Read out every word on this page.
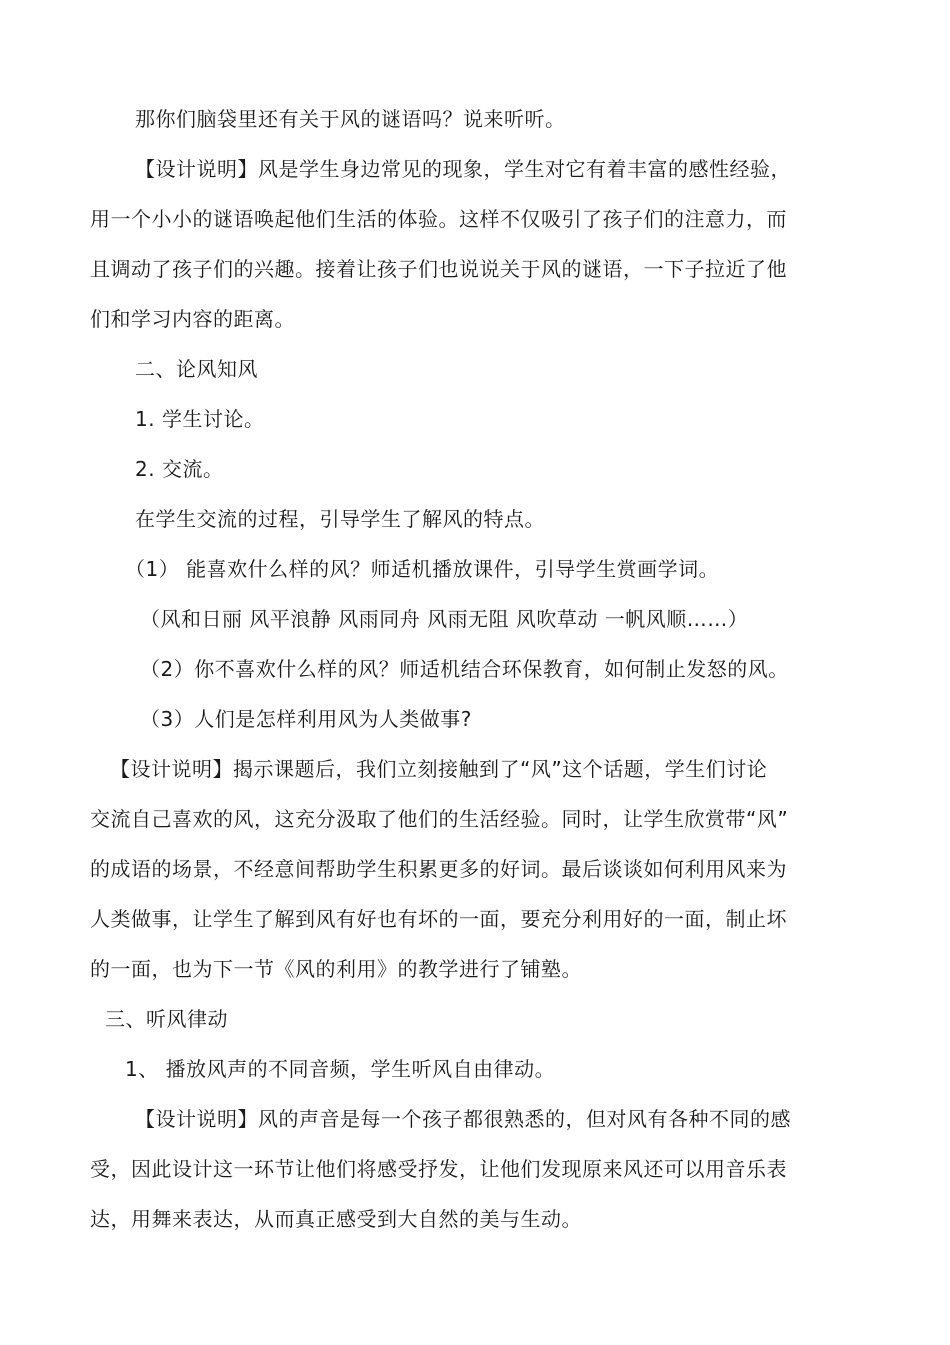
那你们脑袋里还有关于风的谜语吗？说来听听。
【设计说明】风是学生身边常见的现象，学生对它有着丰富的感性经验，
用一个小小的谜语唤起他们生活的体验。这样不仅吸引了孩子们的注意力，而
且调动了孩子们的兴趣。接着让孩子们也说说关于风的谜语，一下子拉近了他
们和学习内容的距离。
二、论风知风
1. 学生讨论。
2. 交流。
在学生交流的过程，引导学生了解风的特点。
（1） 能喜欢什么样的风？师适机播放课件，引导学生赏画学词。
（风和日丽 风平浪静 风雨同舟 风雨无阻 风吹草动 一帆风顺……）
（2）你不喜欢什么样的风？师适机结合环保教育，如何制止发怒的风。
（3）人们是怎样利用风为人类做事?
【设计说明】揭示课题后，我们立刻接触到了“风”这个话题，学生们讨论
交流自己喜欢的风，这充分汲取了他们的生活经验。同时，让学生欣赏带“风”
的成语的场景，不经意间帮助学生积累更多的好词。最后谈谈如何利用风来为
人类做事，让学生了解到风有好也有坏的一面，要充分利用好的一面，制止坏
的一面，也为下一节《风的利用》的教学进行了铺塾。
三、听风律动
1、 播放风声的不同音频，学生听风自由律动。
【设计说明】风的声音是每一个孩子都很熟悉的，但对风有各种不同的感
受，因此设计这一环节让他们将感受抒发，让他们发现原来风还可以用音乐表
达，用舞来表达，从而真正感受到大自然的美与生动。
